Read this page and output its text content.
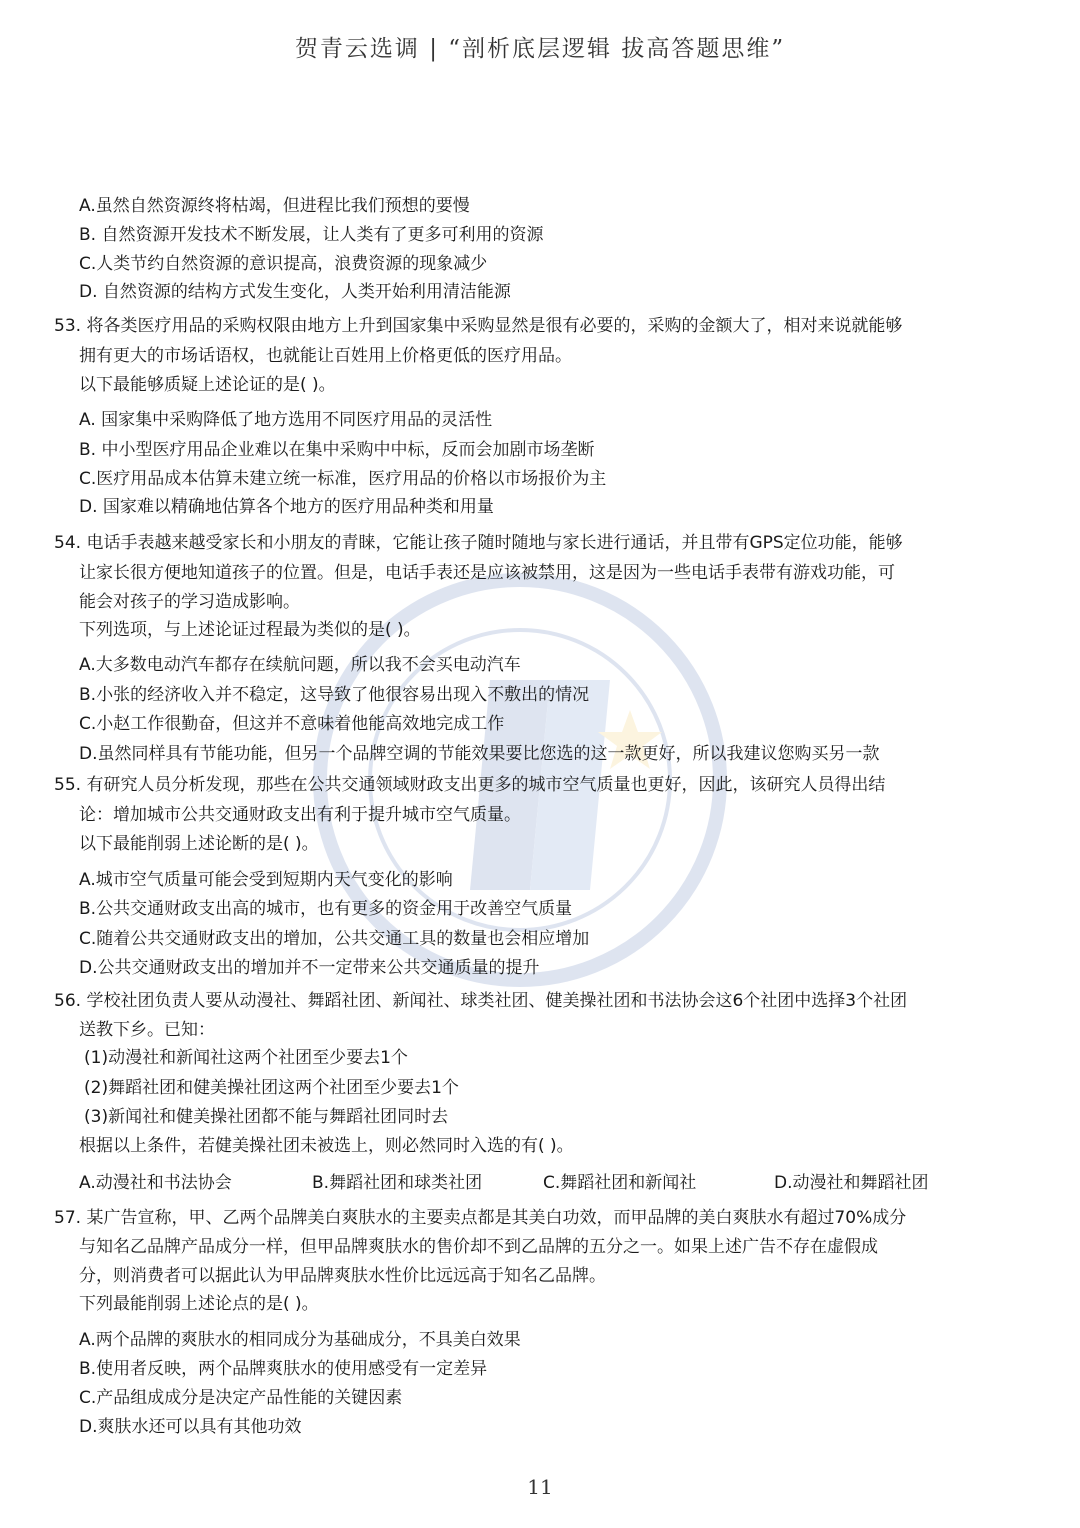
贺青云选调 | “剖析底层逻辑 拔高答题思维”
A.虽然自然资源终将枯竭，但进程比我们预想的要慢
B. 自然资源开发技术不断发展，让人类有了更多可利用的资源
C.人类节约自然资源的意识提高，浪费资源的现象减少
D. 自然资源的结构方式发生变化，人类开始利用清洁能源
53. 将各类医疗用品的采购权限由地方上升到国家集中采购显然是很有必要的，采购的金额大了，相对来说就能够
拥有更大的市场话语权，也就能让百姓用上价格更低的医疗用品。
以下最能够质疑上述论证的是( )。
A. 国家集中采购降低了地方选用不同医疗用品的灵活性
B. 中小型医疗用品企业难以在集中采购中中标，反而会加剧市场垄断
C.医疗用品成本估算未建立统一标准，医疗用品的价格以市场报价为主
D. 国家难以精确地估算各个地方的医疗用品种类和用量
54. 电话手表越来越受家长和小朋友的青睐，它能让孩子随时随地与家长进行通话，并且带有GPS定位功能，能够
让家长很方便地知道孩子的位置。但是，电话手表还是应该被禁用，这是因为一些电话手表带有游戏功能，可
能会对孩子的学习造成影响。
下列选项，与上述论证过程最为类似的是( )。
A.大多数电动汽车都存在续航问题，所以我不会买电动汽车
B.小张的经济收入并不稳定，这导致了他很容易出现入不敷出的情况
C.小赵工作很勤奋，但这并不意味着他能高效地完成工作
D.虽然同样具有节能功能，但另一个品牌空调的节能效果要比您选的这一款更好，所以我建议您购买另一款
55. 有研究人员分析发现，那些在公共交通领域财政支出更多的城市空气质量也更好，因此，该研究人员得出结
论：增加城市公共交通财政支出有利于提升城市空气质量。
以下最能削弱上述论断的是( )。
A.城市空气质量可能会受到短期内天气变化的影响
B.公共交通财政支出高的城市，也有更多的资金用于改善空气质量
C.随着公共交通财政支出的增加，公共交通工具的数量也会相应增加
D.公共交通财政支出的增加并不一定带来公共交通质量的提升
56. 学校社团负责人要从动漫社、舞蹈社团、新闻社、球类社团、健美操社团和书法协会这6个社团中选择3个社团
送教下乡。已知：
(1)动漫社和新闻社这两个社团至少要去1个
(2)舞蹈社团和健美操社团这两个社团至少要去1个
(3)新闻社和健美操社团都不能与舞蹈社团同时去
根据以上条件，若健美操社团未被选上，则必然同时入选的有( )。
A.动漫社和书法协会	B.舞蹈社团和球类社团	C.舞蹈社团和新闻社	D.动漫社和舞蹈社团
57. 某广告宣称，甲、乙两个品牌美白爽肤水的主要卖点都是其美白功效，而甲品牌的美白爽肤水有超过70%成分
与知名乙品牌产品成分一样，但甲品牌爽肤水的售价却不到乙品牌的五分之一。如果上述广告不存在虚假成
分，则消费者可以据此认为甲品牌爽肤水性价比远远高于知名乙品牌。
下列最能削弱上述论点的是( )。
A.两个品牌的爽肤水的相同成分为基础成分，不具美白效果
B.使用者反映，两个品牌爽肤水的使用感受有一定差异
C.产品组成成分是决定产品性能的关键因素
D.爽肤水还可以具有其他功效
11
